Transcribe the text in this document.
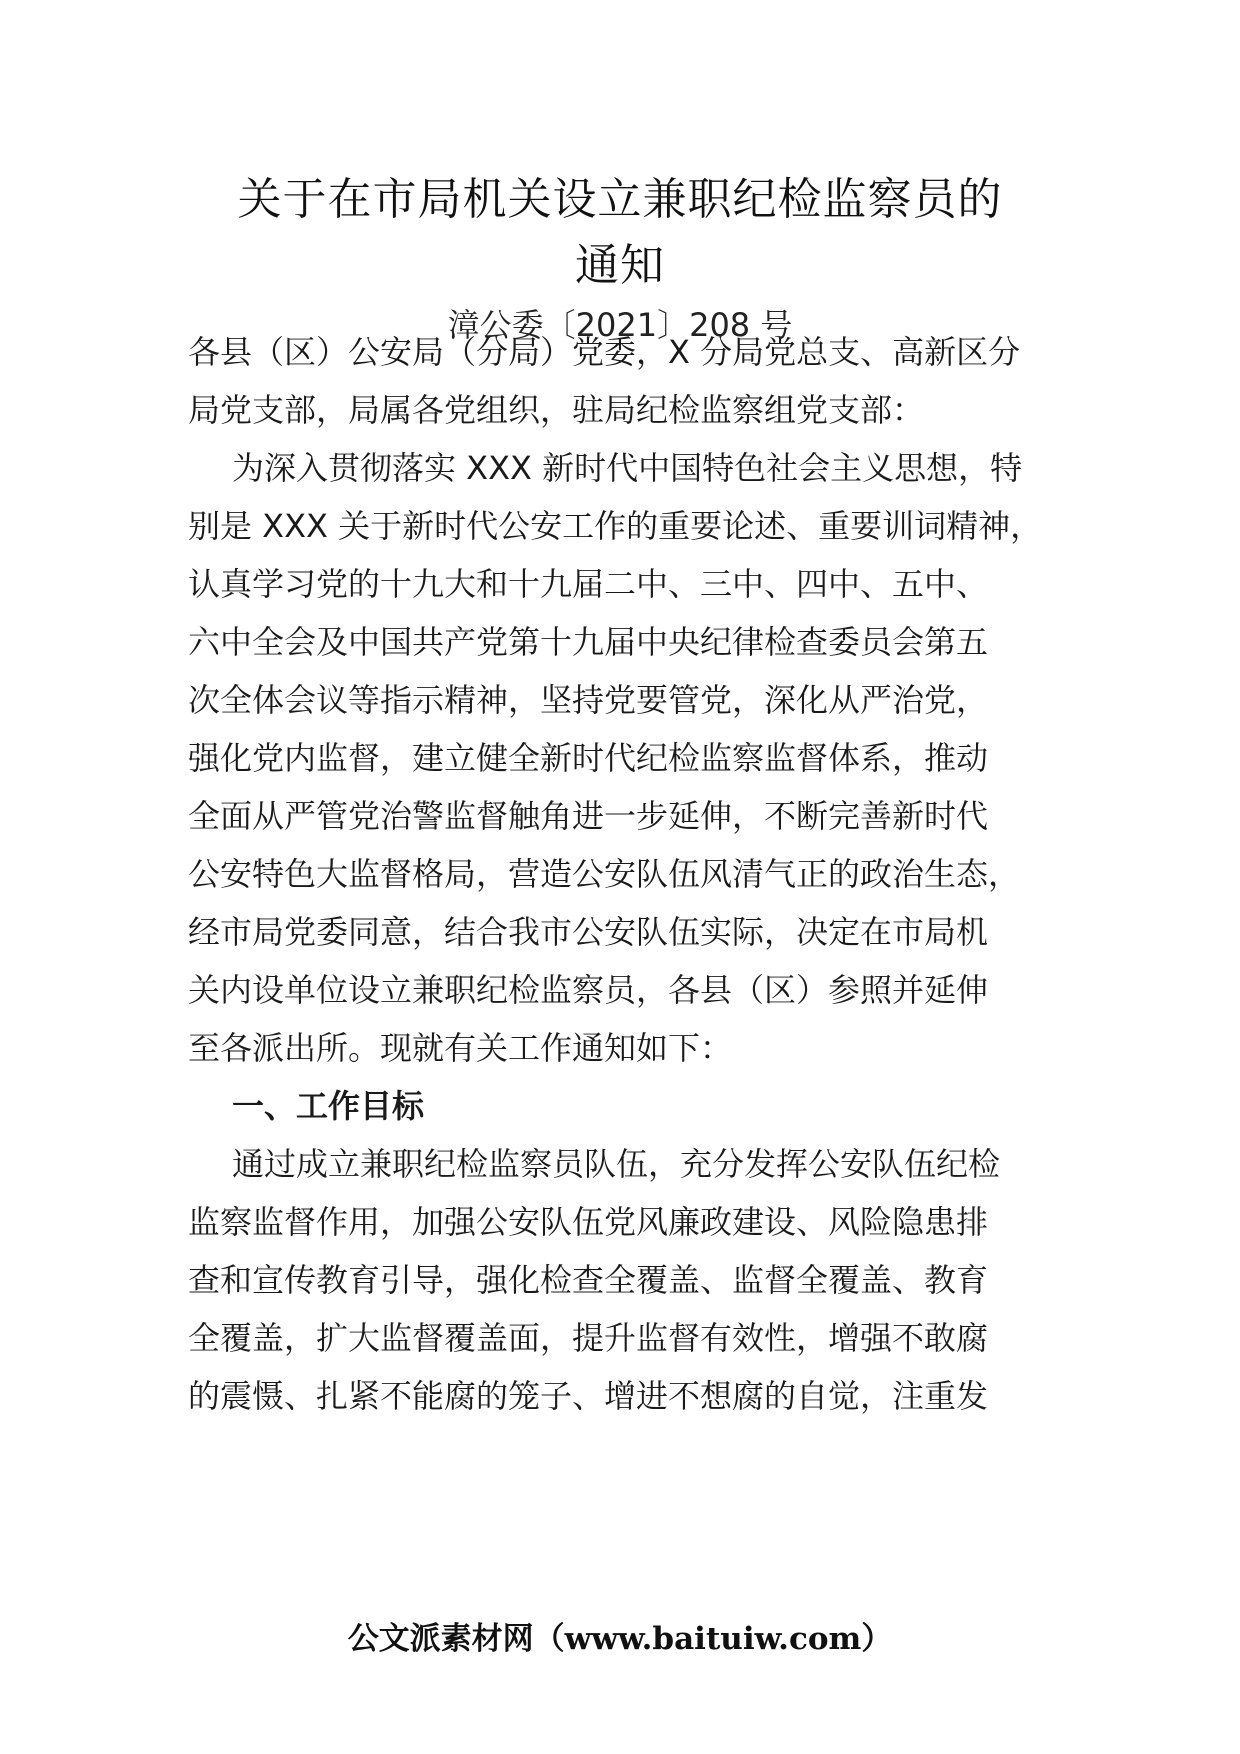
关于在市局机关设立兼职纪检监察员的
通知
漳公委〔2021〕208 号
各县（区）公安局（分局）党委，X 分局党总支、高新区分
局党支部，局属各党组织，驻局纪检监察组党支部：
为深入贯彻落实 XXX 新时代中国特色社会主义思想，特
别是 XXX 关于新时代公安工作的重要论述、重要训词精神，
认真学习党的十九大和十九届二中、三中、四中、五中、
六中全会及中国共产党第十九届中央纪律检查委员会第五
次全体会议等指示精神，坚持党要管党，深化从严治党，
强化党内监督，建立健全新时代纪检监察监督体系，推动
全面从严管党治警监督触角进一步延伸，不断完善新时代
公安特色大监督格局，营造公安队伍风清气正的政治生态，
经市局党委同意，结合我市公安队伍实际，决定在市局机
关内设单位设立兼职纪检监察员，各县（区）参照并延伸
至各派出所。现就有关工作通知如下：
一、工作目标
通过成立兼职纪检监察员队伍，充分发挥公安队伍纪检
监察监督作用，加强公安队伍党风廉政建设、风险隐患排
查和宣传教育引导，强化检查全覆盖、监督全覆盖、教育
全覆盖，扩大监督覆盖面，提升监督有效性，增强不敢腐
的震慑、扎紧不能腐的笼子、增进不想腐的自觉，注重发
公文派素材网（www.baituiw.com）
